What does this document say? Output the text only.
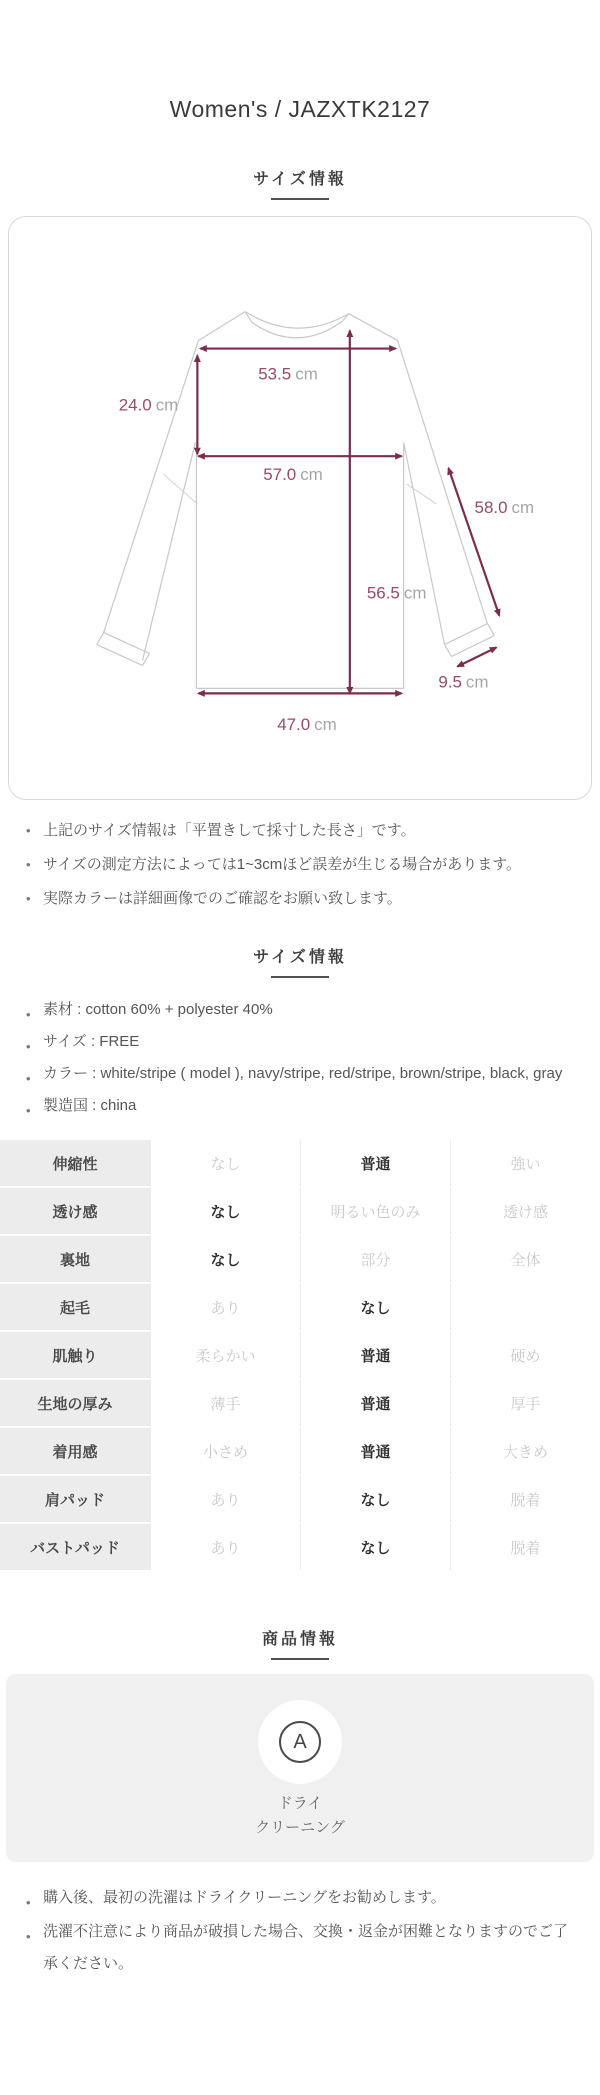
Women's / JAZXTK2127
サイズ情報
53.5 cm
24.0 cm
57.0 cm
58.0 cm
56.5 cm
9.5 cm
47.0 cm
• 上記のサイズ情報は「平置きして採寸した長さ」です。
• サイズの測定方法によっては1~3cmほど誤差が生じる場合があります。
• 実際カラーは詳細画像でのご確認をお願い致します。
サイズ情報
• 素材 : cotton 60% + polyester 40%
• サイズ : FREE
• カラー : white/stripe ( model ), navy/stripe, red/stripe, brown/stripe, black, gray
• 製造国 : china
伸縮性	なし	普通	強い
透け感	なし	明るい色のみ	透け感
裏地	なし	部分	全体
起毛	あり	なし
肌触り	柔らかい	普通	硬め
生地の厚み	薄手	普通	厚手
着用感	小さめ	普通	大きめ
肩パッド	あり	なし	脱着
バストパッド	あり	なし	脱着
商品情報
A
ドライ
クリーニング
• 購入後、最初の洗濯はドライクリーニングをお勧めします。
• 洗濯不注意により商品が破損した場合、交換・返金が困難となりますのでご了承ください。
